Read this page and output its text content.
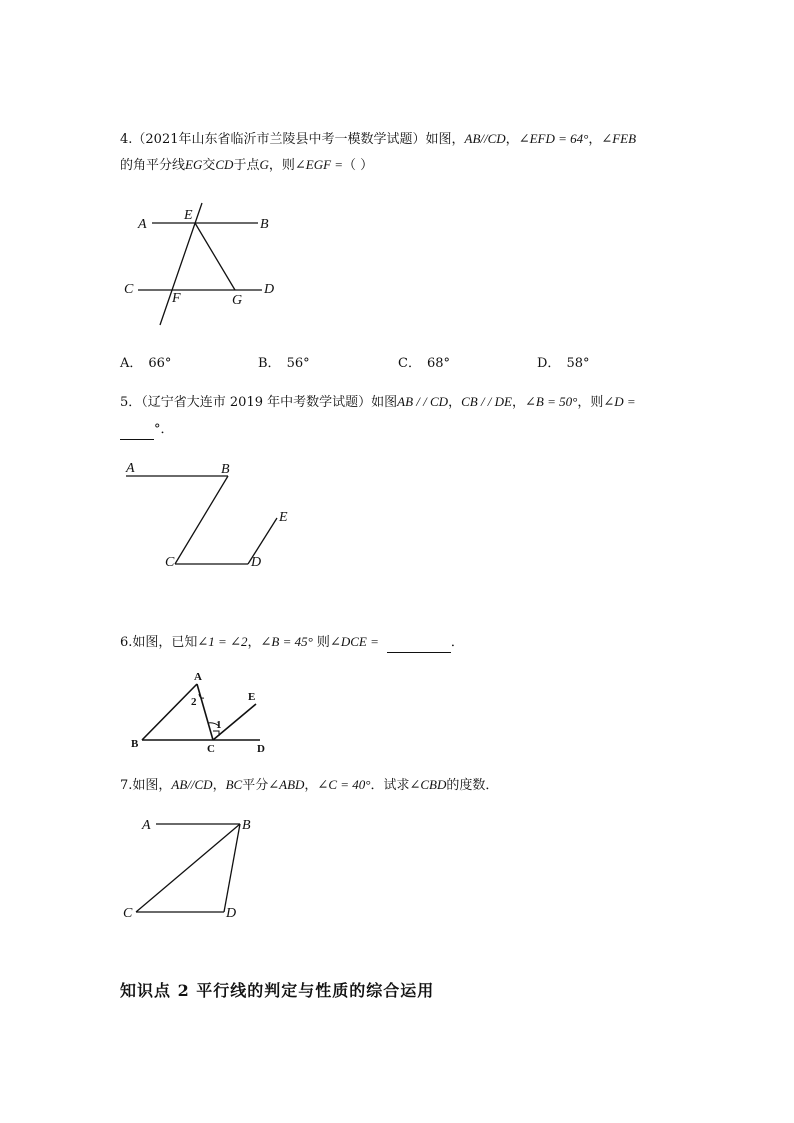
4.（2021年山东省临沂市兰陵县中考一模数学试题）如图，AB//CD，∠EFD = 64°，∠FEB
的角平分线EG交CD于点G，则∠EGF =（ ）
A
E
B
C
F	G
D
A． 66°	B． 56°	C． 68°	D． 58°
5．（辽宁省大连市 2019 年中考数学试题）如图AB / / CD，CB / / DE，∠B = 50°，则∠D =
°．
A	B
C	D
E
6.如图，已知∠1 = ∠2，∠B = 45° 则∠DCE =	．
A
2
1
E
B	C	D
7.如图，AB//CD，BC平分∠ABD，∠C = 40°．试求∠CBD的度数．
A	B
C	D
知识点 2 平行线的判定与性质的综合运用
